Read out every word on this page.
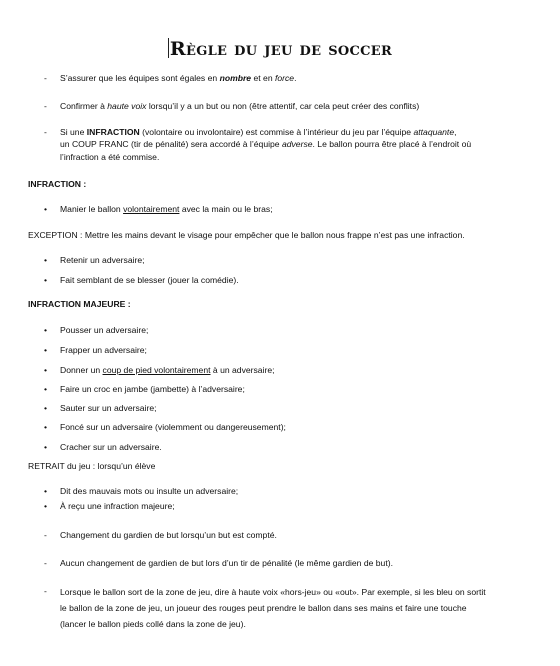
Règle du jeu de soccer
-	S’assurer que les équipes sont égales en nombre et en force.
-	Confirmer à haute voix lorsqu’il y a un but ou non (être attentif, car cela peut créer des conflits)
-	Si une INFRACTION (volontaire ou involontaire) est commise à l’intérieur du jeu par l’équipe attaquante,
un COUP FRANC (tir de pénalité) sera accordé à l’équipe adverse. Le ballon pourra être placé à l’endroit où
l’infraction a été commise.
INFRACTION :
•	Manier le ballon volontairement avec la main ou le bras;
EXCEPTION : Mettre les mains devant le visage pour empêcher que le ballon nous frappe n’est pas une infraction.
•	Retenir un adversaire;
•	Fait semblant de se blesser (jouer la comédie).
INFRACTION MAJEURE :
•	Pousser un adversaire;
•	Frapper un adversaire;
•	Donner un coup de pied volontairement à un adversaire;
•	Faire un croc en jambe (jambette) à l’adversaire;
•	Sauter sur un adversaire;
•	Foncé sur un adversaire (violemment ou dangereusement);
•	Cracher sur un adversaire.
RETRAIT du jeu : lorsqu’un élève
•	Dit des mauvais mots ou insulte un adversaire;
•	À reçu une infraction majeure;
-	Changement du gardien de but lorsqu’un but est compté.
-	Aucun changement de gardien de but lors d’un tir de pénalité (le même gardien de but).
-	Lorsque le ballon sort de la zone de jeu, dire à haute voix «hors-jeu» ou «out». Par exemple, si les bleu on sortit
le ballon de la zone de jeu, un joueur des rouges peut prendre le ballon dans ses mains et faire une touche
(lancer le ballon pieds collé dans la zone de jeu).
